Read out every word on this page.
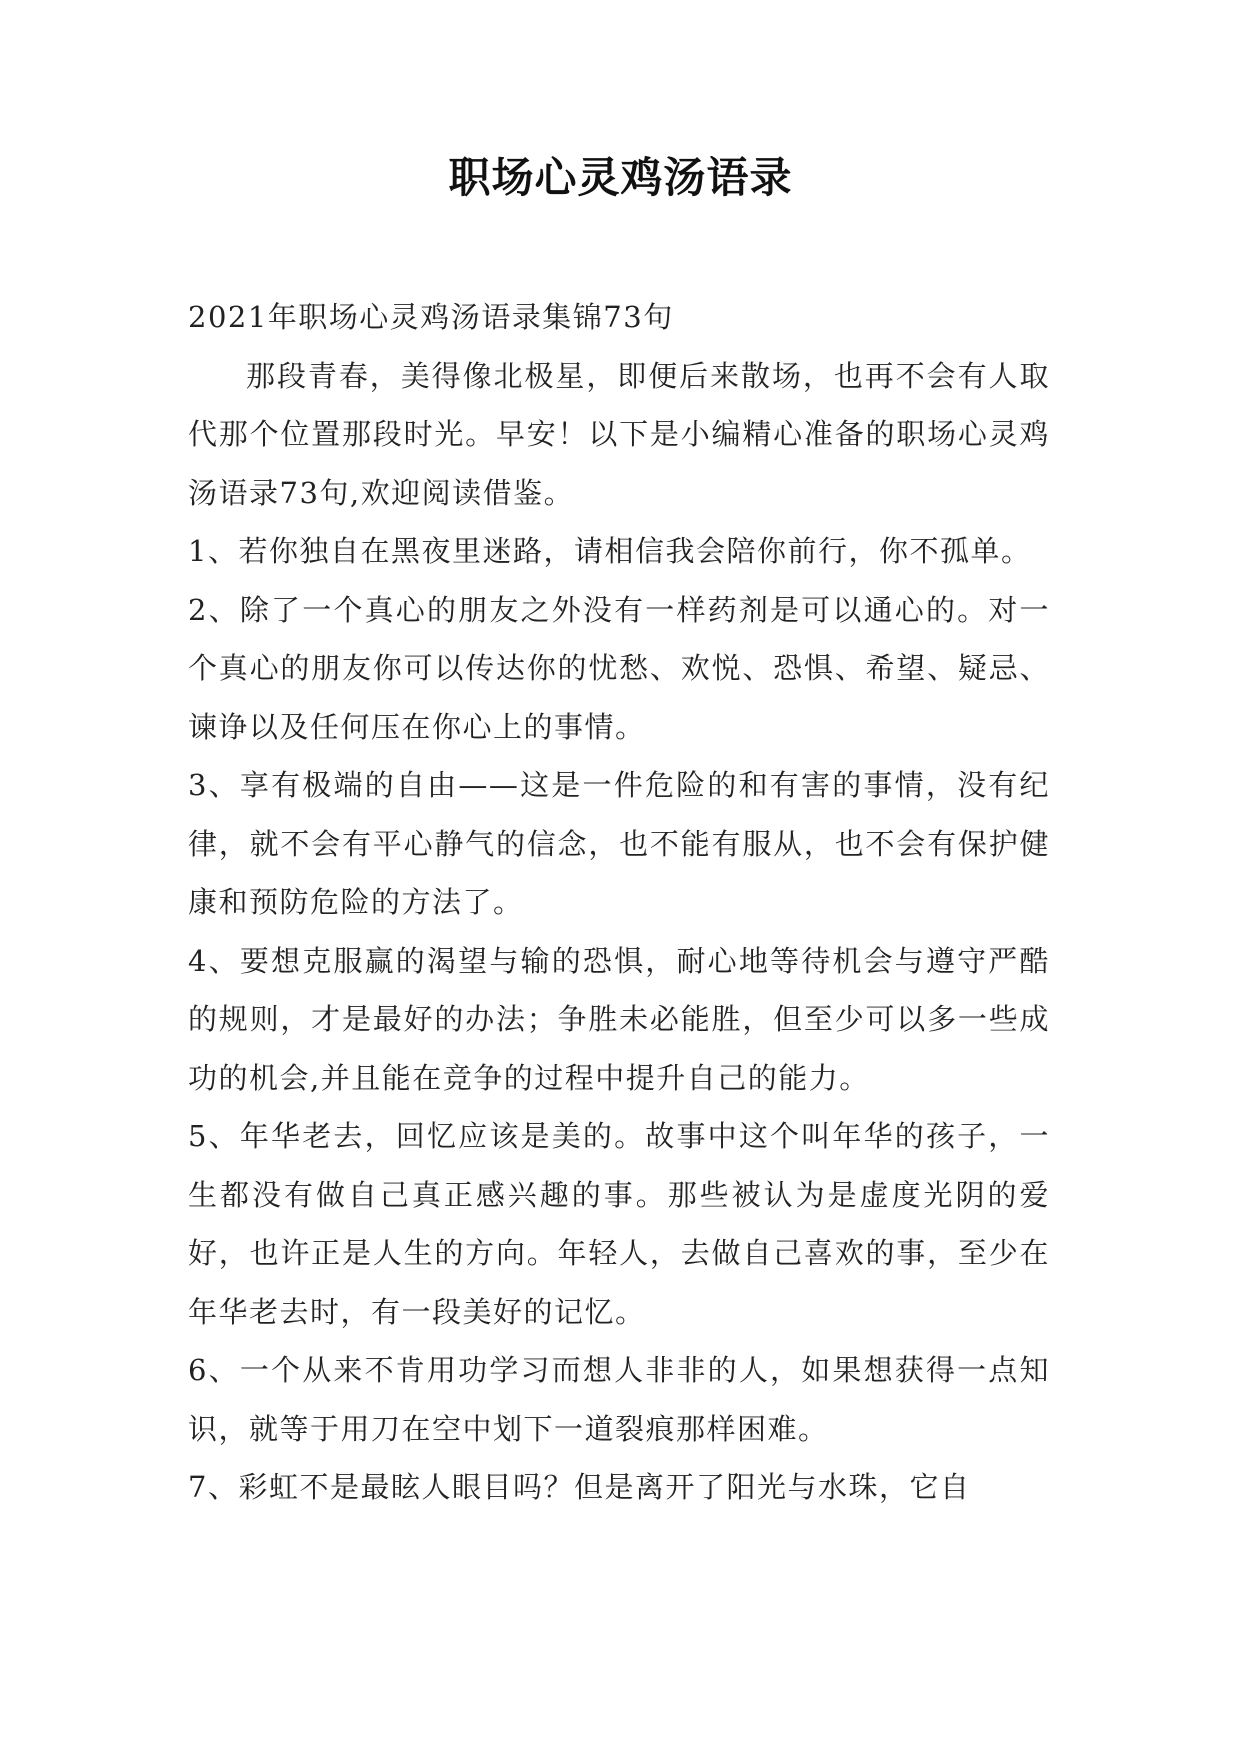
职场心灵鸡汤语录

2021年职场心灵鸡汤语录集锦73句

那段青春，美得像北极星，即便后来散场，也再不会有人取代那个位置那段时光。早安！以下是小编精心准备的职场心灵鸡汤语录73句,欢迎阅读借鉴。

1、若你独自在黑夜里迷路，请相信我会陪你前行，你不孤单。

2、除了一个真心的朋友之外没有一样药剂是可以通心的。对一个真心的朋友你可以传达你的忧愁、欢悦、恐惧、希望、疑忌、谏诤以及任何压在你心上的事情。

3、享有极端的自由——这是一件危险的和有害的事情，没有纪律，就不会有平心静气的信念，也不能有服从，也不会有保护健康和预防危险的方法了。

4、要想克服赢的渴望与输的恐惧，耐心地等待机会与遵守严酷的规则，才是最好的办法；争胜未必能胜，但至少可以多一些成功的机会,并且能在竞争的过程中提升自己的能力。

5、年华老去，回忆应该是美的。故事中这个叫年华的孩子，一生都没有做自己真正感兴趣的事。那些被认为是虚度光阴的爱好，也许正是人生的方向。年轻人，去做自己喜欢的事，至少在年华老去时，有一段美好的记忆。

6、一个从来不肯用功学习而想人非非的人，如果想获得一点知识，就等于用刀在空中划下一道裂痕那样困难。

7、彩虹不是最眩人眼目吗？但是离开了阳光与水珠，它自
